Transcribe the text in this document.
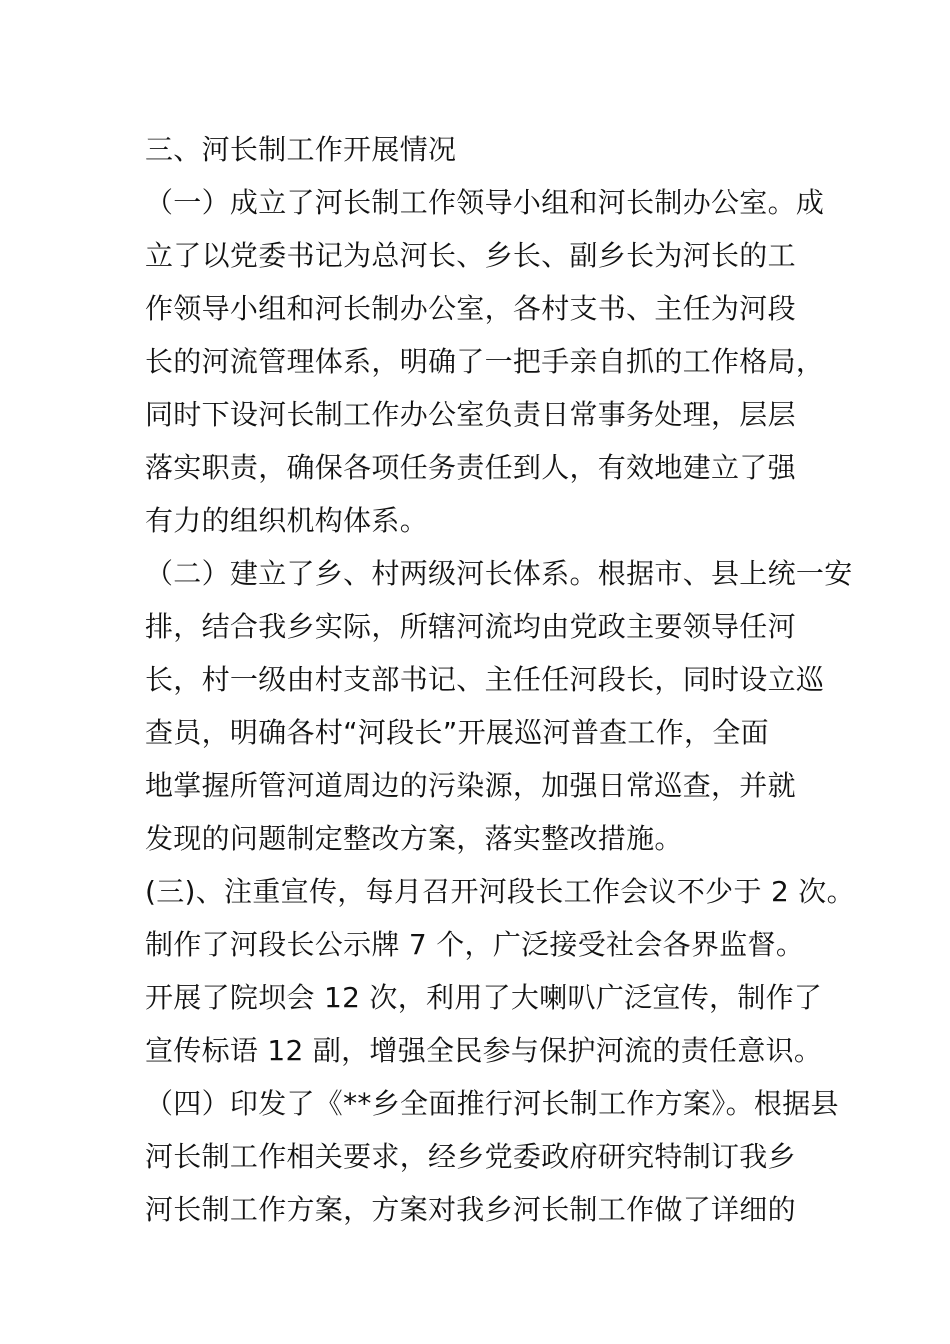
三、河长制工作开展情况
（一）成立了河长制工作领导小组和河长制办公室。成
立了以党委书记为总河长、乡长、副乡长为河长的工
作领导小组和河长制办公室，各村支书、主任为河段
长的河流管理体系，明确了一把手亲自抓的工作格局，
同时下设河长制工作办公室负责日常事务处理，层层
落实职责，确保各项任务责任到人，有效地建立了强
有力的组织机构体系。
（二）建立了乡、村两级河长体系。根据市、县上统一安
排，结合我乡实际，所辖河流均由党政主要领导任河
长，村一级由村支部书记、主任任河段长，同时设立巡
查员，明确各村“河段长”开展巡河普查工作，全面
地掌握所管河道周边的污染源，加强日常巡查，并就
发现的问题制定整改方案，落实整改措施。
(三)、注重宣传，每月召开河段长工作会议不少于 2 次。
制作了河段长公示牌 7 个，广泛接受社会各界监督。
开展了院坝会 12 次，利用了大喇叭广泛宣传，制作了
宣传标语 12 副，增强全民参与保护河流的责任意识。
（四）印发了《**乡全面推行河长制工作方案》。根据县
河长制工作相关要求，经乡党委政府研究特制订我乡
河长制工作方案，方案对我乡河长制工作做了详细的
